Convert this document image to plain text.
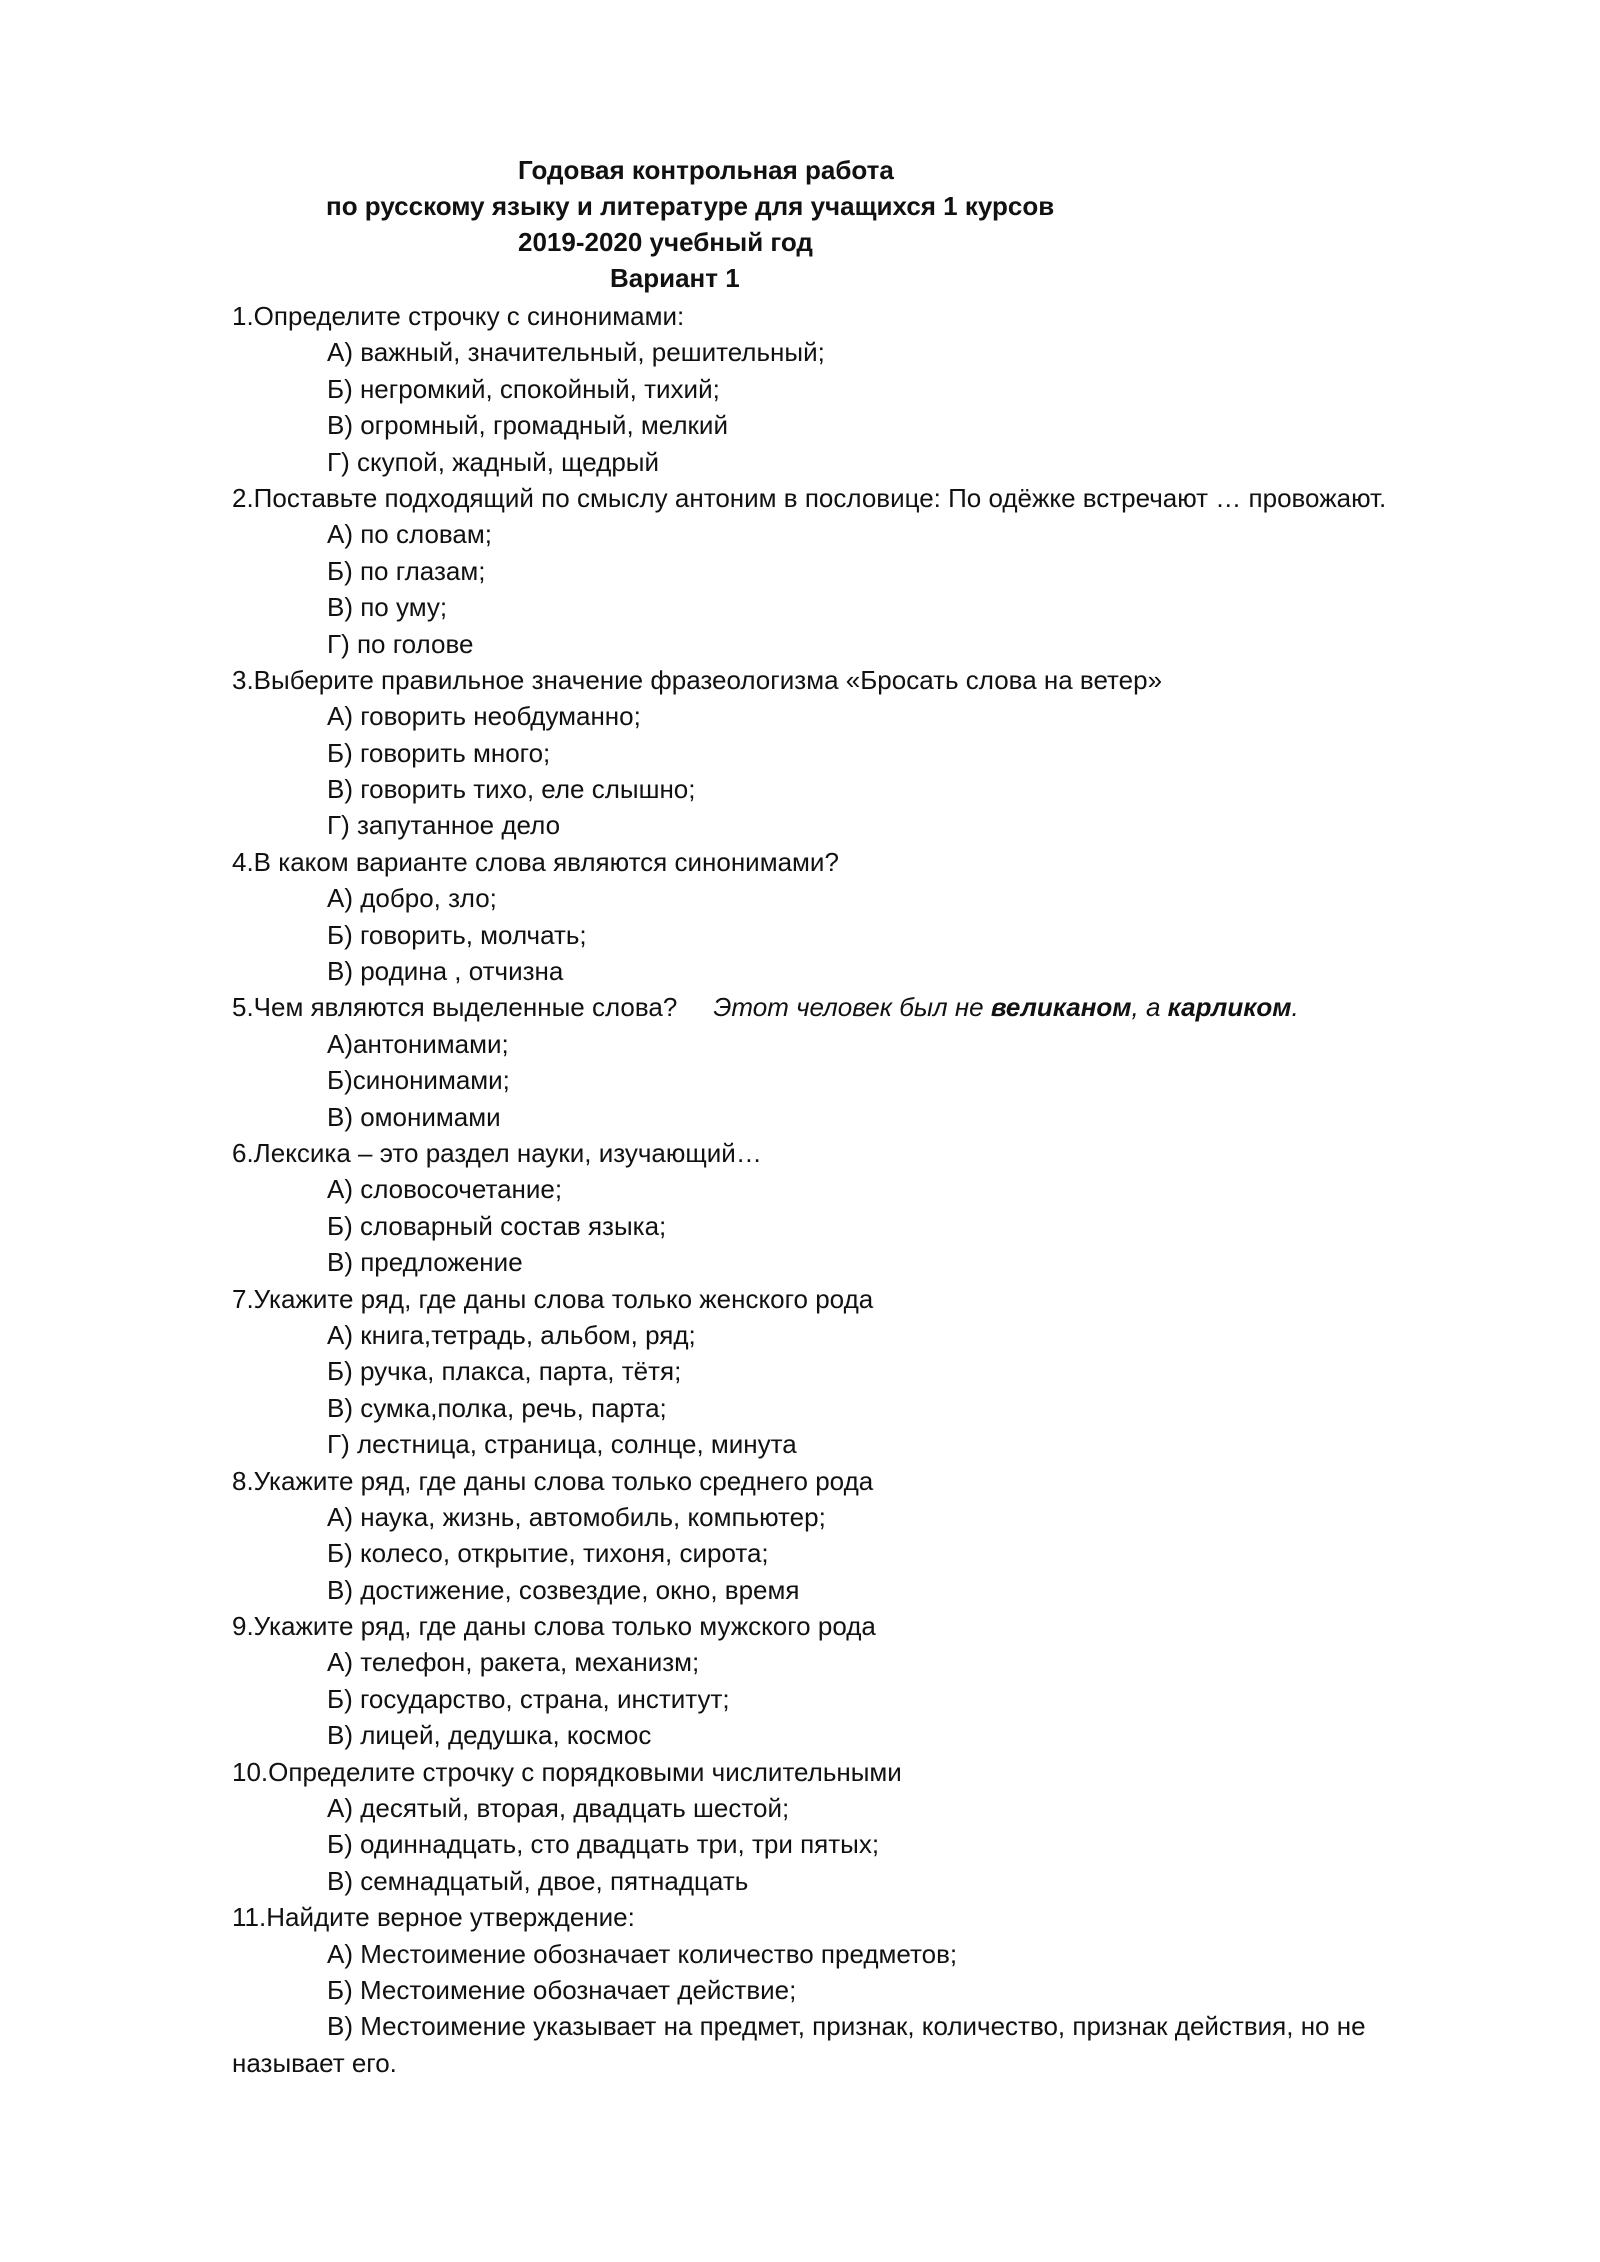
Годовая контрольная работа
по русскому языку и литературе для учащихся 1 курсов
2019-2020 учебный год
Вариант 1
1.Определите строчку с синонимами:
А) важный, значительный, решительный;
Б) негромкий, спокойный, тихий;
В) огромный, громадный, мелкий
Г) скупой, жадный, щедрый
2.Поставьте подходящий по смыслу антоним в пословице: По одёжке встречают … провожают.
А) по словам;
Б) по глазам;
В) по уму;
Г) по голове
3.Выберите правильное значение фразеологизма «Бросать слова на ветер»
А) говорить необдуманно;
Б) говорить много;
В) говорить тихо, еле слышно;
Г) запутанное дело
4.В каком варианте слова являются синонимами?
А) добро, зло;
Б) говорить, молчать;
В) родина , отчизна
5.Чем являются выделенные слова? Этот человек был не великаном, а карликом.
А)антонимами;
Б)синонимами;
В) омонимами
6.Лексика – это раздел науки, изучающий…
А) словосочетание;
Б) словарный состав языка;
В) предложение
7.Укажите ряд, где даны слова только женского рода
А) книга,тетрадь, альбом, ряд;
Б) ручка, плакса, парта, тётя;
В) сумка,полка, речь, парта;
Г) лестница, страница, солнце, минута
8.Укажите ряд, где даны слова только среднего рода
А) наука, жизнь, автомобиль, компьютер;
Б) колесо, открытие, тихоня, сирота;
В) достижение, созвездие, окно, время
9.Укажите ряд, где даны слова только мужского рода
А) телефон, ракета, механизм;
Б) государство, страна, институт;
В) лицей, дедушка, космос
10.Определите строчку с порядковыми числительными
А) десятый, вторая, двадцать шестой;
Б) одиннадцать, сто двадцать три, три пятых;
В) семнадцатый, двое, пятнадцать
11.Найдите верное утверждение:
А) Местоимение обозначает количество предметов;
Б) Местоимение обозначает действие;
В) Местоимение указывает на предмет, признак, количество, признак действия, но не
называет его.
